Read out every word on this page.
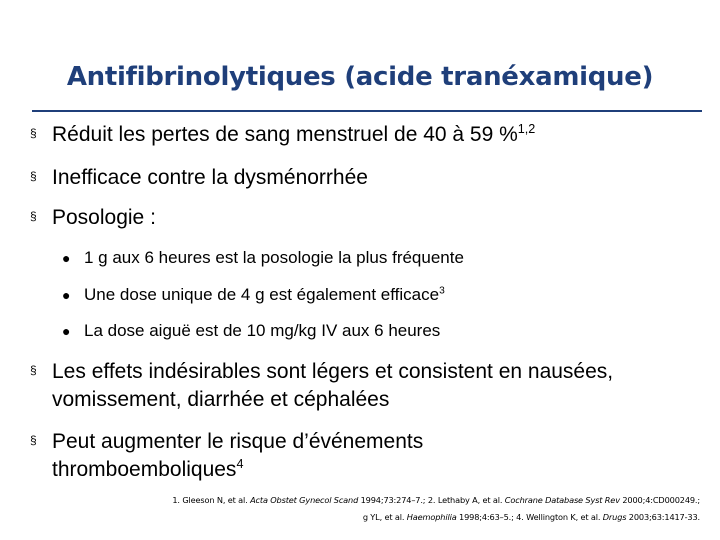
Antifibrinolytiques (acide tranéxamique)
§ Réduit les pertes de sang menstruel de 40 à 59 %$^{1,2}$
§ Inefficace contre la dysménorrhée
§ Posologie :
● 1 g aux 6 heures est la posologie la plus fréquente
● Une dose unique de 4 g est également efficace$^3$
● La dose aiguë est de 10 mg/kg IV aux 6 heures
§ Les effets indésirables sont légers et consistent en nausées, vomissement, diarrhée et céphalées
§ Peut augmenter le risque d’événements thromboemboliques$^4$
1. Gleeson N, et al. Acta Obstet Gynecol Scand 1994;73:274–7.; 2. Lethaby A, et al. Cochrane Database Syst Rev 2000;4:CD000249.;
g YL, et al. Haemophilia 1998;4:63–5.; 4. Wellington K, et al. Drugs 2003;63:1417-33.
